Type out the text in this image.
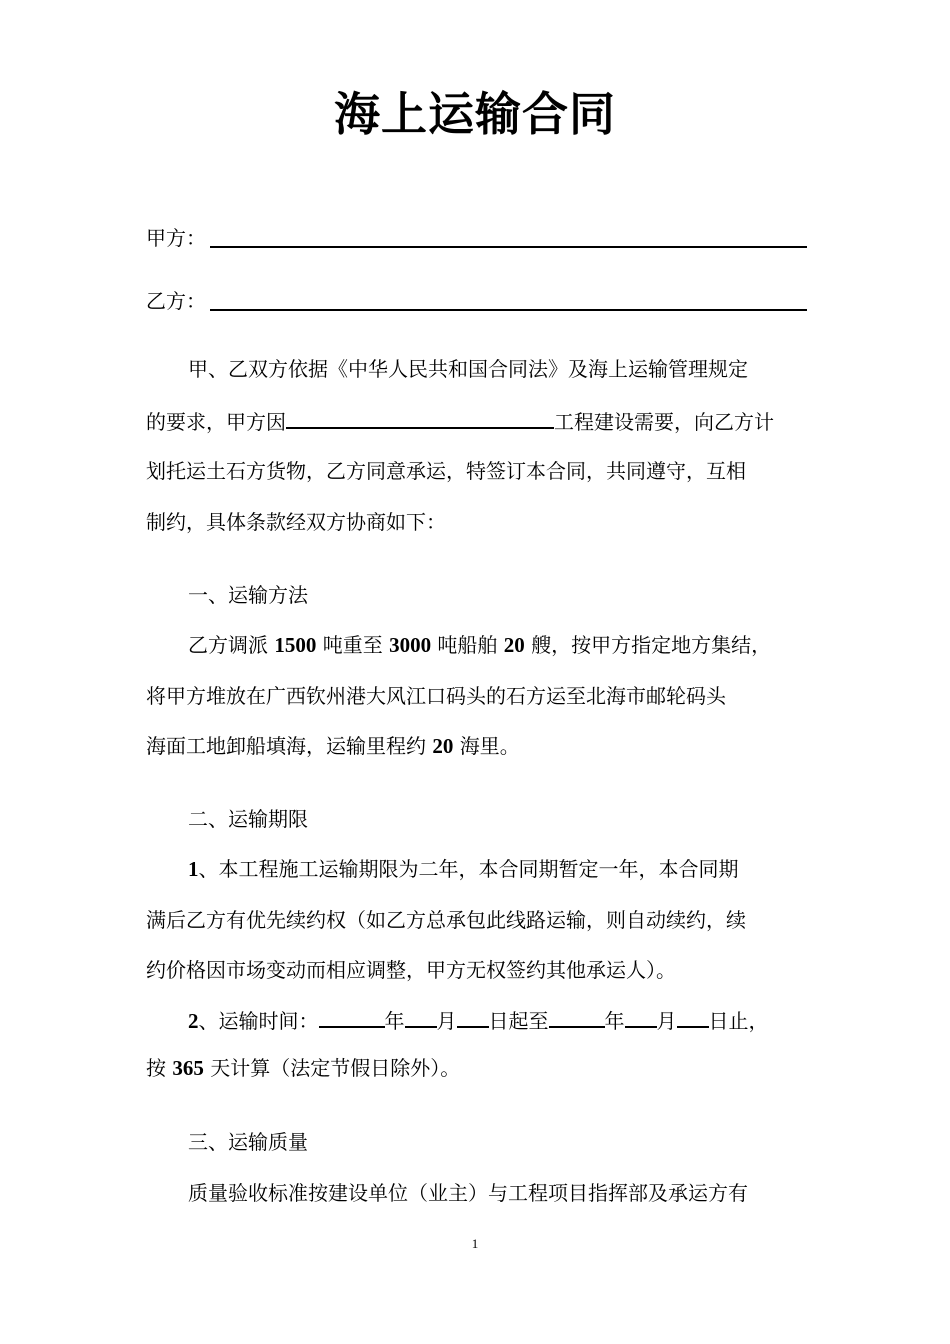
海上运输合同
甲方：
乙方：
甲、乙双方依据《中华人民共和国合同法》及海上运输管理规定
的要求，甲方因	工程建设需要，向乙方计
划托运土石方货物，乙方同意承运，特签订本合同，共同遵守，互相
制约，具体条款经双方协商如下：
一、运输方法
乙方调派 1500 吨重至 3000 吨船舶 20 艘，按甲方指定地方集结，
将甲方堆放在广西钦州港大风江口码头的石方运至北海市邮轮码头
海面工地卸船填海，运输里程约 20 海里。
二、运输期限
1、本工程施工运输期限为二年，本合同期暂定一年，本合同期
满后乙方有优先续约权（如乙方总承包此线路运输，则自动续约，续
约价格因市场变动而相应调整，甲方无权签约其他承运人）。
2、运输时间：	年 月 日起至	年 月 日止，
按 365 天计算（法定节假日除外）。
三、运输质量
质量验收标准按建设单位（业主）与工程项目指挥部及承运方有
1
